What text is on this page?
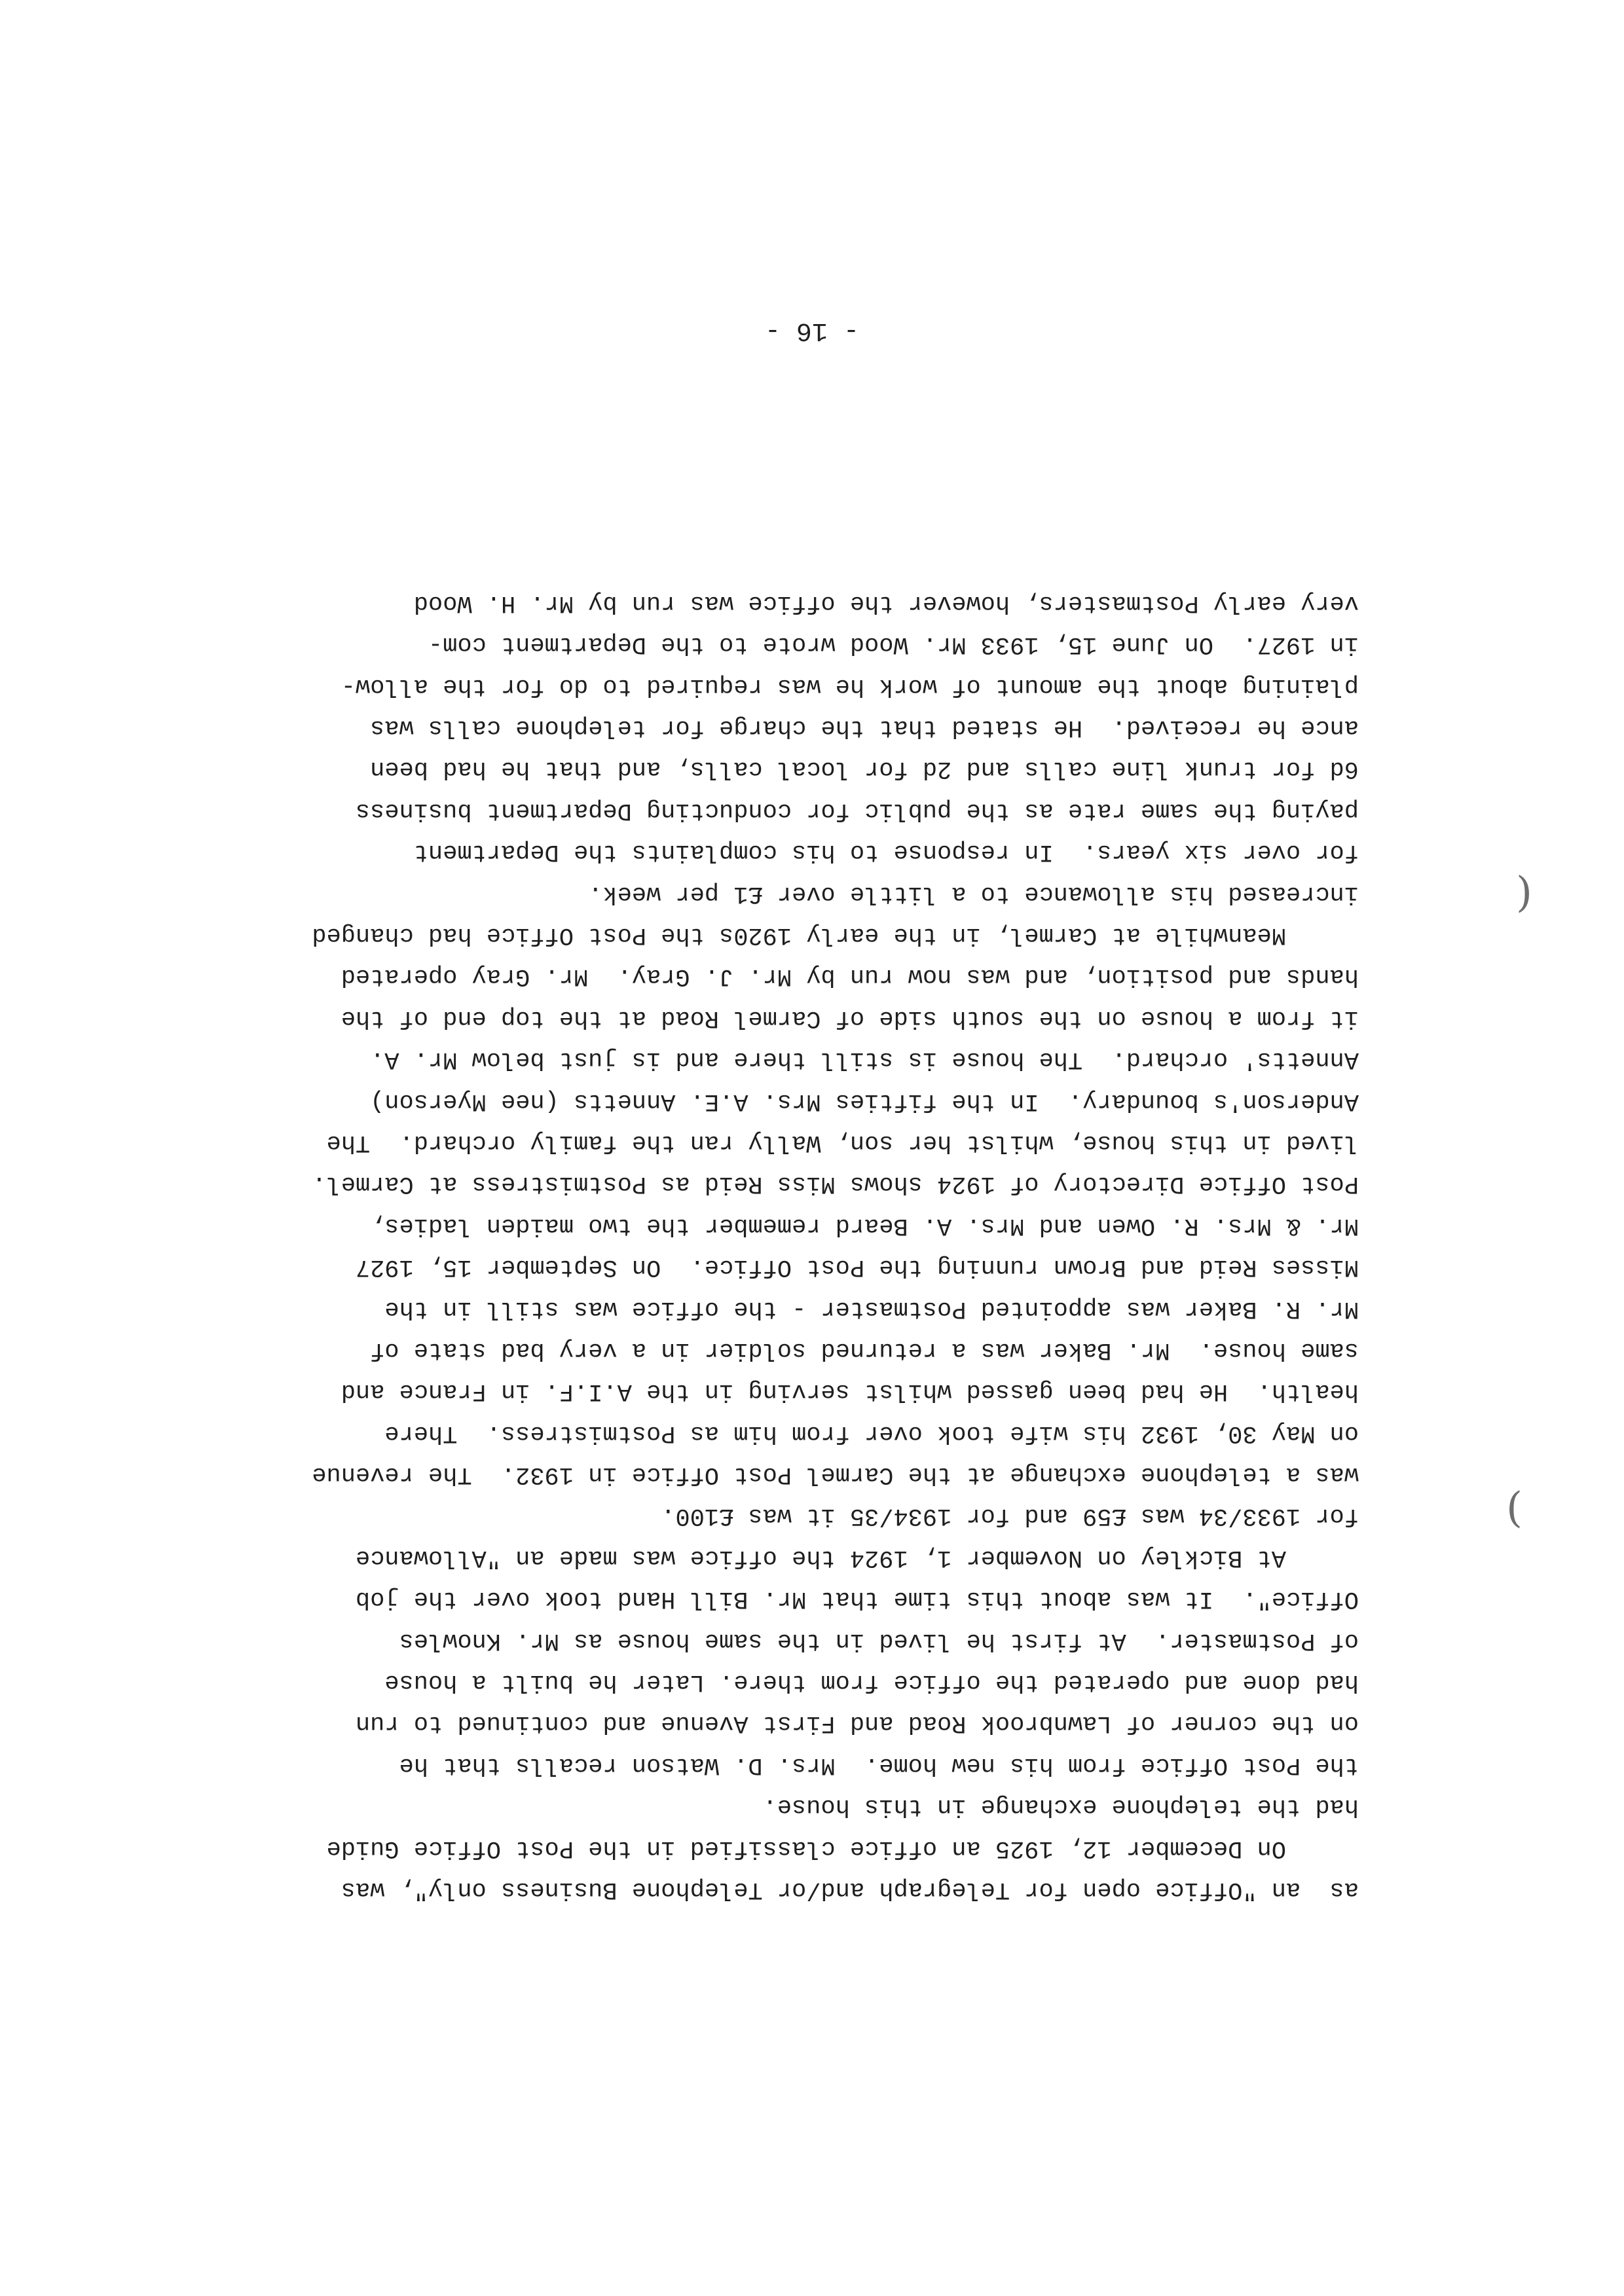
- 16 -
as  an "Office open for Telegraph and/or Telephone Business only", was
On December 12, 1925 an office classified in the Post Office Guide
had the telephone exchange in this house.
the Post Office from his new home.  Mrs. D. Watson recalls that he
on the corner of Lawnbrook Road and First Avenue and continued to run
had done and operated the office from there. Later he built a house
of Postmaster.  At first he lived in the same house as Mr. Knowles
Office".  It was about this time that Mr. Bill Hand took over the job
At Bickley on November 1, 1924 the office was made an "Allowance
for 1933/34 was £59 and for 1934/35 it was £100.
was a telephone exchange at the Carmel Post Office in 1932.  The revenue
on May 30, 1932 his wife took over from him as Postmistress.  There
health.  He had been gassed whilst serving in the A.I.F. in France and
same house.  Mr. Baker was a returned soldier in a very bad state of
Mr. R. Baker was appointed Postmaster - the office was still in the
Misses Reid and Brown running the Post Office.  On September 15, 1927
Mr. & Mrs. R. Owen and Mrs. A. Beard remember the two maiden ladies,
Post Office Directory of 1924 shows Miss Reid as Postmistress at Carmel.
lived in this house, whilst her son, Wally ran the family orchard.  The
Anderson's boundary.  In the fifties Mrs. A.E. Annetts (nee Myerson)
Annetts' orchard.  The house is still there and is just below Mr. A.
it from a house on the south side of Carmel Road at the top end of the
hands and position, and was now run by Mr. J. Gray.  Mr. Gray operated
Meanwhile at Carmel, in the early 1920s the Post Office had changed
increased his allowance to a little over £1 per week.
for over six years.  In response to his complaints the Department
paying the same rate as the public for conducting Department business
6d for trunk line calls and 2d for local calls, and that he had been
ance he received.  He stated that the charge for telephone calls was
plaining about the amount of work he was required to do for the allow-
in 1927.  On June 15, 1933 Mr. Wood wrote to the Department com-
very early Postmasters, however the office was run by Mr. H. Wood
(
)
